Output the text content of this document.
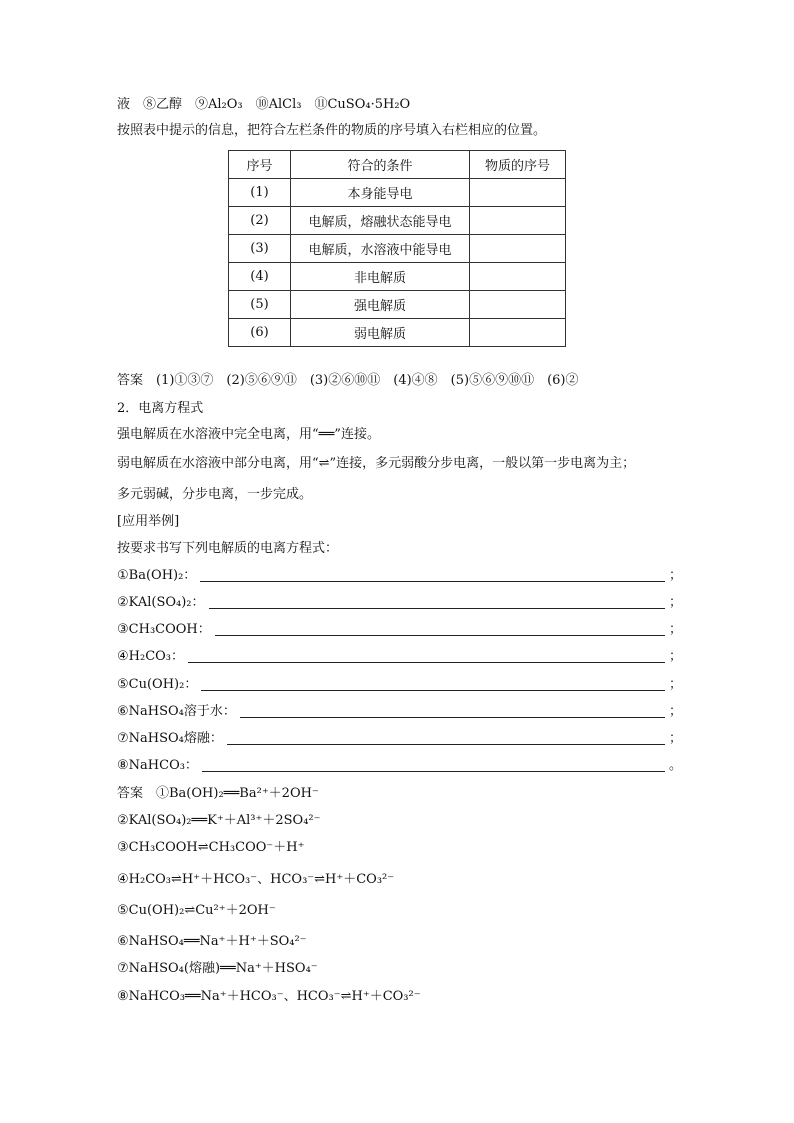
液　⑧乙醇　⑨Al₂O₃　⑩AlCl₃　⑪CuSO₄·5H₂O
按照表中提示的信息，把符合左栏条件的物质的序号填入右栏相应的位置。
序号	符合的条件	物质的序号
(1)	本身能导电	
(2)	电解质，熔融状态能导电	
(3)	电解质，水溶液中能导电	
(4)	非电解质	
(5)	强电解质	
(6)	弱电解质	
答案　(1)①③⑦　(2)⑤⑥⑨⑪　(3)②⑥⑩⑪　(4)④⑧　(5)⑤⑥⑨⑩⑪　(6)②
2．电离方程式
强电解质在水溶液中完全电离，用“══”连接。
弱电解质在水溶液中部分电离，用“⇌”连接，多元弱酸分步电离，一般以第一步电离为主；
多元弱碱，分步电离，一步完成。
[应用举例]
按要求书写下列电解质的电离方程式：
①Ba(OH)₂：	；
②KAl(SO₄)₂：	；
③CH₃COOH：	；
④H₂CO₃：	；
⑤Cu(OH)₂：	；
⑥NaHSO₄溶于水：	；
⑦NaHSO₄熔融：	；
⑧NaHCO₃：	。
答案　①Ba(OH)₂══Ba²⁺＋2OH⁻
②KAl(SO₄)₂══K⁺＋Al³⁺＋2SO₄²⁻
③CH₃COOH⇌CH₃COO⁻＋H⁺
④H₂CO₃⇌H⁺＋HCO₃⁻、HCO₃⁻⇌H⁺＋CO₃²⁻
⑤Cu(OH)₂⇌Cu²⁺＋2OH⁻
⑥NaHSO₄══Na⁺＋H⁺＋SO₄²⁻
⑦NaHSO₄(熔融)══Na⁺＋HSO₄⁻
⑧NaHCO₃══Na⁺＋HCO₃⁻、HCO₃⁻⇌H⁺＋CO₃²⁻
